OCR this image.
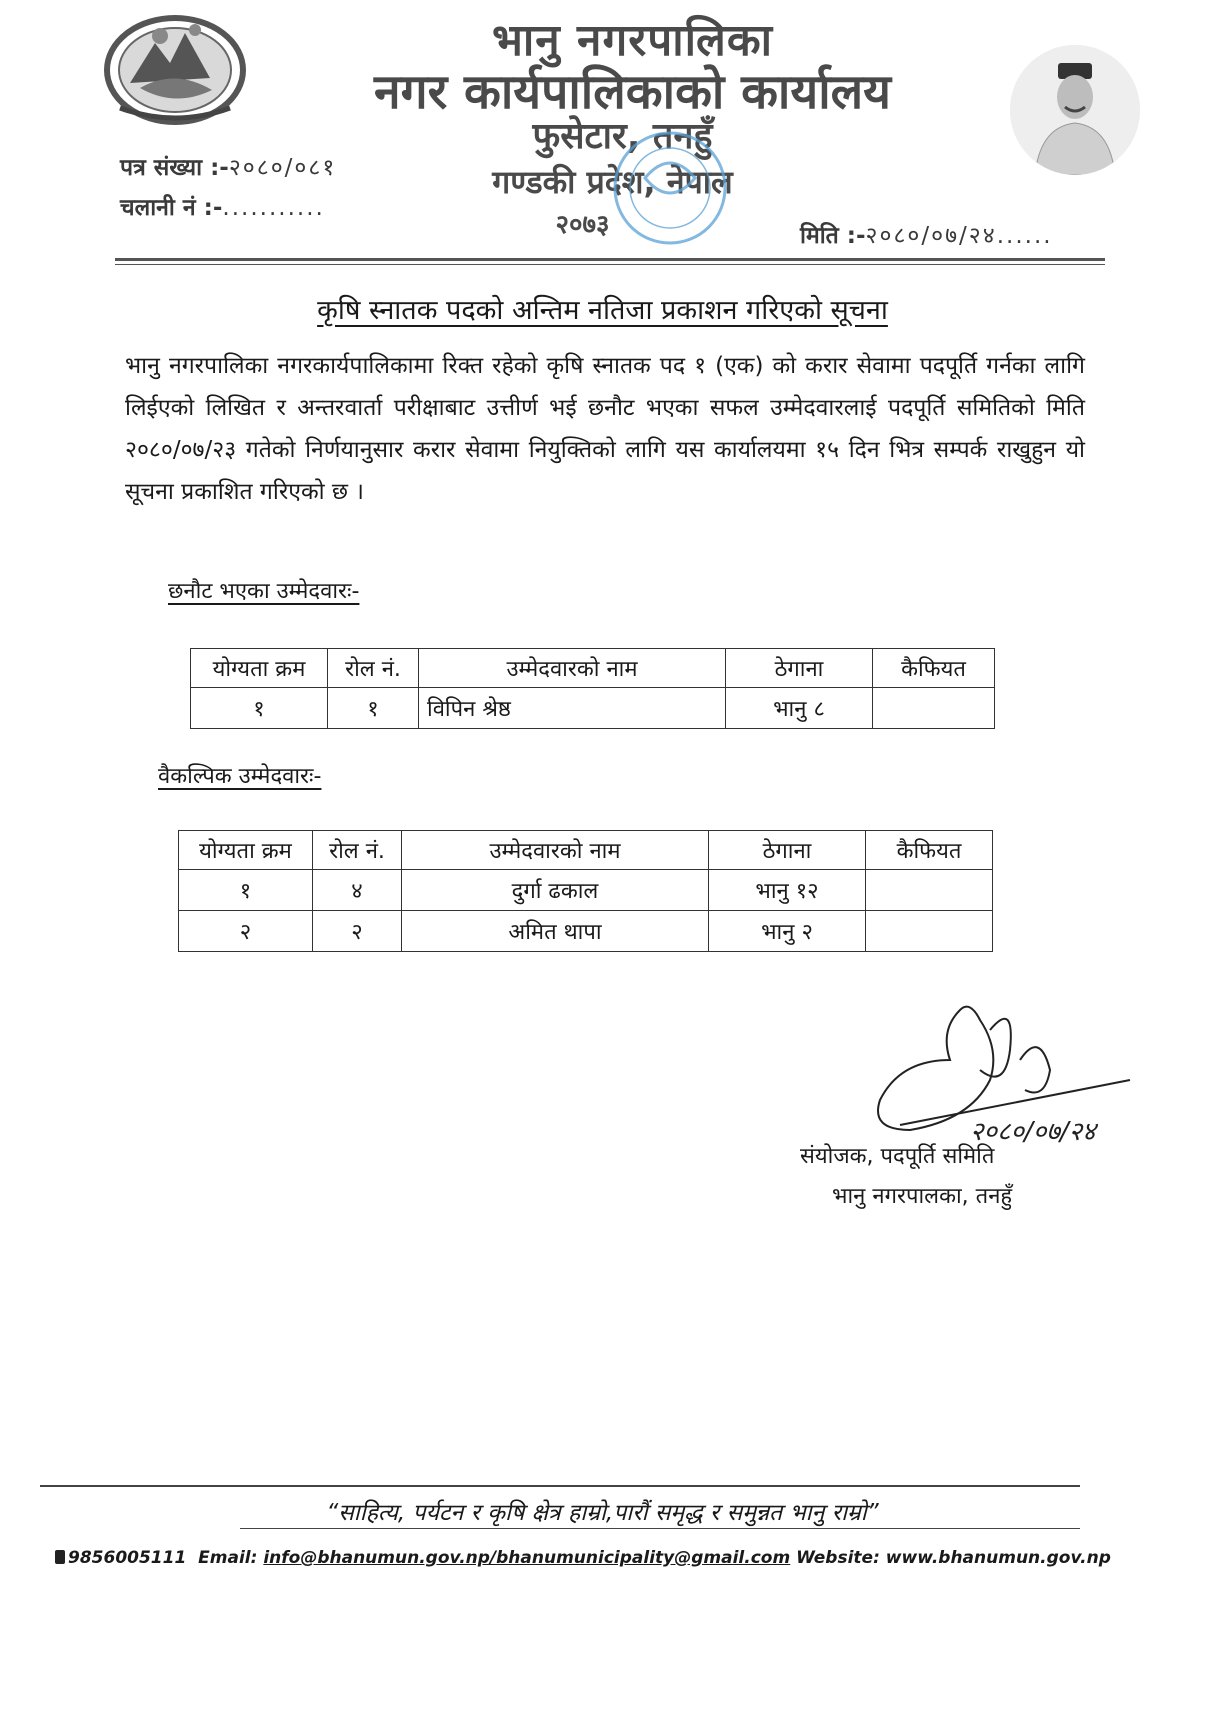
भानु नगरपालिका
नगर कार्यपालिकाको कार्यालय
फुसेटार, तनहुँ
गण्डकी प्रदेश, नेपाल
२०७३
पत्र संख्या :-२०८०/०८१
चलानी नं :-...........
मिति :-२०८०/०७/२४......
कृषि स्नातक पदको अन्तिम नतिजा प्रकाशन गरिएको सूचना
भानु नगरपालिका नगरकार्यपालिकामा रिक्त रहेको कृषि स्नातक पद १ (एक) को करार सेवामा पदपूर्ति गर्नका लागि लिईएको लिखित र अन्तरवार्ता परीक्षाबाट उत्तीर्ण भई छनौट भएका सफल उम्मेदवारलाई पदपूर्ति समितिको मिति २०८०/०७/२३ गतेको निर्णयानुसार करार सेवामा नियुक्तिको लागि यस कार्यालयमा १५ दिन भित्र सम्पर्क राखुहुन यो सूचना प्रकाशित गरिएको छ ।
छनौट भएका उम्मेदवारः-
योग्यता क्रम	रोल नं.	उम्मेदवारको नाम	ठेगाना	कैफियत
१	१	विपिन श्रेष्ठ	भानु ८	
वैकल्पिक उम्मेदवारः-
योग्यता क्रम	रोल नं.	उम्मेदवारको नाम	ठेगाना	कैफियत
१	४	दुर्गा ढकाल	भानु १२	
२	२	अमित थापा	भानु २	
२०८०/०७/२४
संयोजक, पदपूर्ति समिति
भानु नगरपालका, तनहुँ
“साहित्य, पर्यटन र कृषि क्षेत्र हाम्रो,पारौं समृद्ध र समुन्नत भानु राम्रो”
9856005111 Email: info@bhanumun.gov.np/bhanumunicipality@gmail.com Website: www.bhanumun.gov.np
